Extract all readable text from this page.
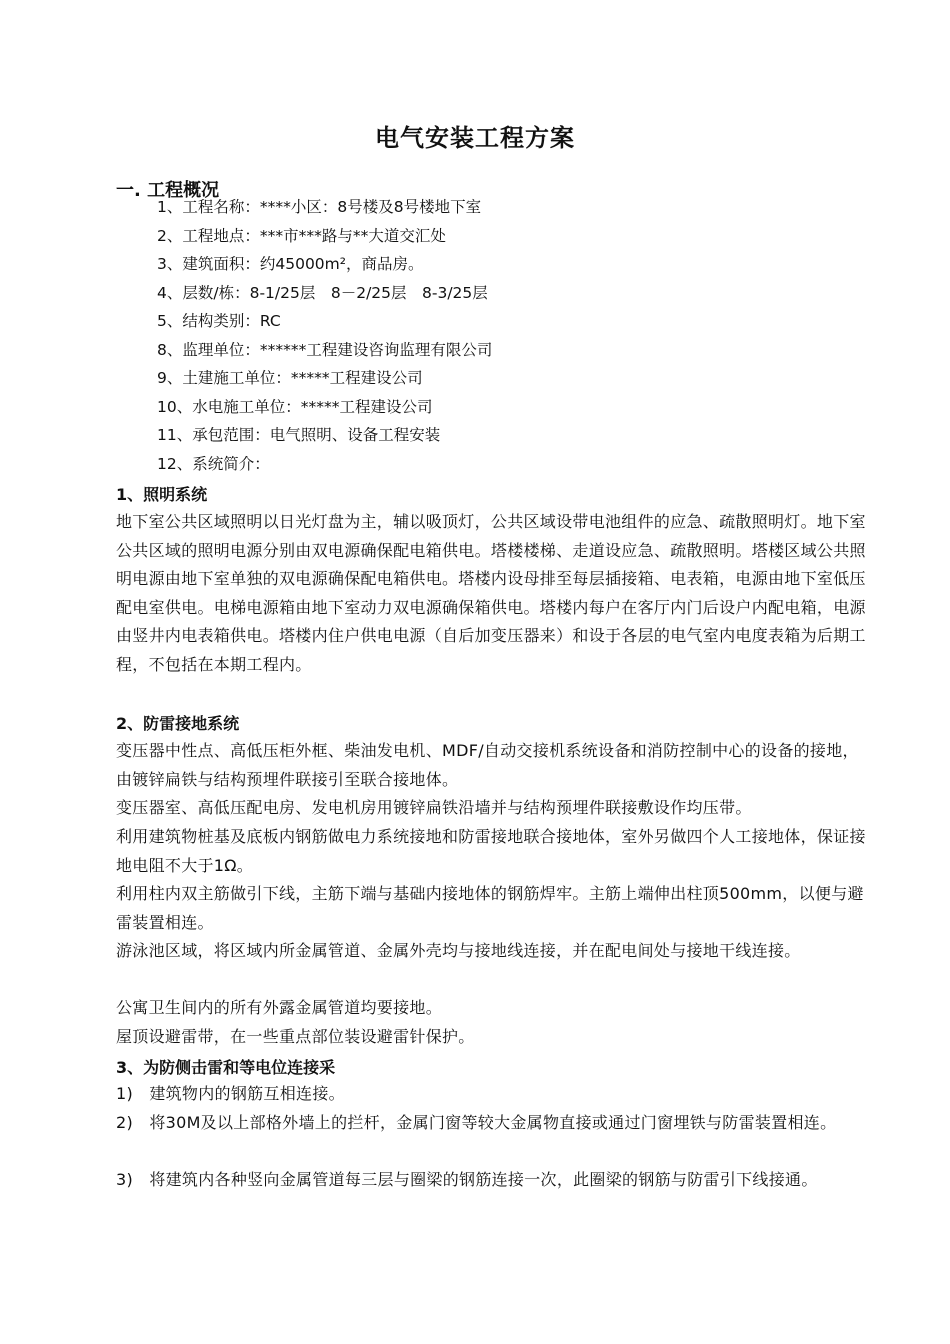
电气安装工程方案
一. 工程概况
1、工程名称：****小区：8号楼及8号楼地下室
2、工程地点：***市***路与**大道交汇处
3、建筑面积：约45000m²，商品房。
4、层数/栋：8-1/25层　8－2/25层　8-3/25层
5、结构类别：RC
8、监理单位：******工程建设咨询监理有限公司
9、土建施工单位：*****工程建设公司
10、水电施工单位：*****工程建设公司
11、承包范围：电气照明、设备工程安装
12、系统简介：
1、照明系统
地下室公共区域照明以日光灯盘为主，辅以吸顶灯，公共区域设带电池组件的应急、疏散照明灯。地下室公共区域的照明电源分别由双电源确保配电箱供电。塔楼楼梯、走道设应急、疏散照明。塔楼区域公共照明电源由地下室单独的双电源确保配电箱供电。塔楼内设母排至每层插接箱、电表箱，电源由地下室低压配电室供电。电梯电源箱由地下室动力双电源确保箱供电。塔楼内每户在客厅内门后设户内配电箱，电源由竖井内电表箱供电。塔楼内住户供电电源（自后加变压器来）和设于各层的电气室内电度表箱为后期工程，不包括在本期工程内。
2、防雷接地系统
变压器中性点、高低压柜外框、柴油发电机、MDF/自动交接机系统设备和消防控制中心的设备的接地，由镀锌扁铁与结构预埋件联接引至联合接地体。
变压器室、高低压配电房、发电机房用镀锌扁铁沿墙并与结构预埋件联接敷设作均压带。
利用建筑物桩基及底板内钢筋做电力系统接地和防雷接地联合接地体，室外另做四个人工接地体，保证接地电阻不大于1Ω。
利用柱内双主筋做引下线，主筋下端与基础内接地体的钢筋焊牢。主筋上端伸出柱顶500mm，以便与避雷装置相连。
游泳池区域，将区域内所金属管道、金属外壳均与接地线连接，并在配电间处与接地干线连接。
公寓卫生间内的所有外露金属管道均要接地。
屋顶设避雷带，在一些重点部位装设避雷针保护。
3、为防侧击雷和等电位连接采
1)　建筑物内的钢筋互相连接。
2)　将30M及以上部格外墙上的拦杆，金属门窗等较大金属物直接或通过门窗埋铁与防雷装置相连。
3)　将建筑内各种竖向金属管道每三层与圈梁的钢筋连接一次，此圈梁的钢筋与防雷引下线接通。
